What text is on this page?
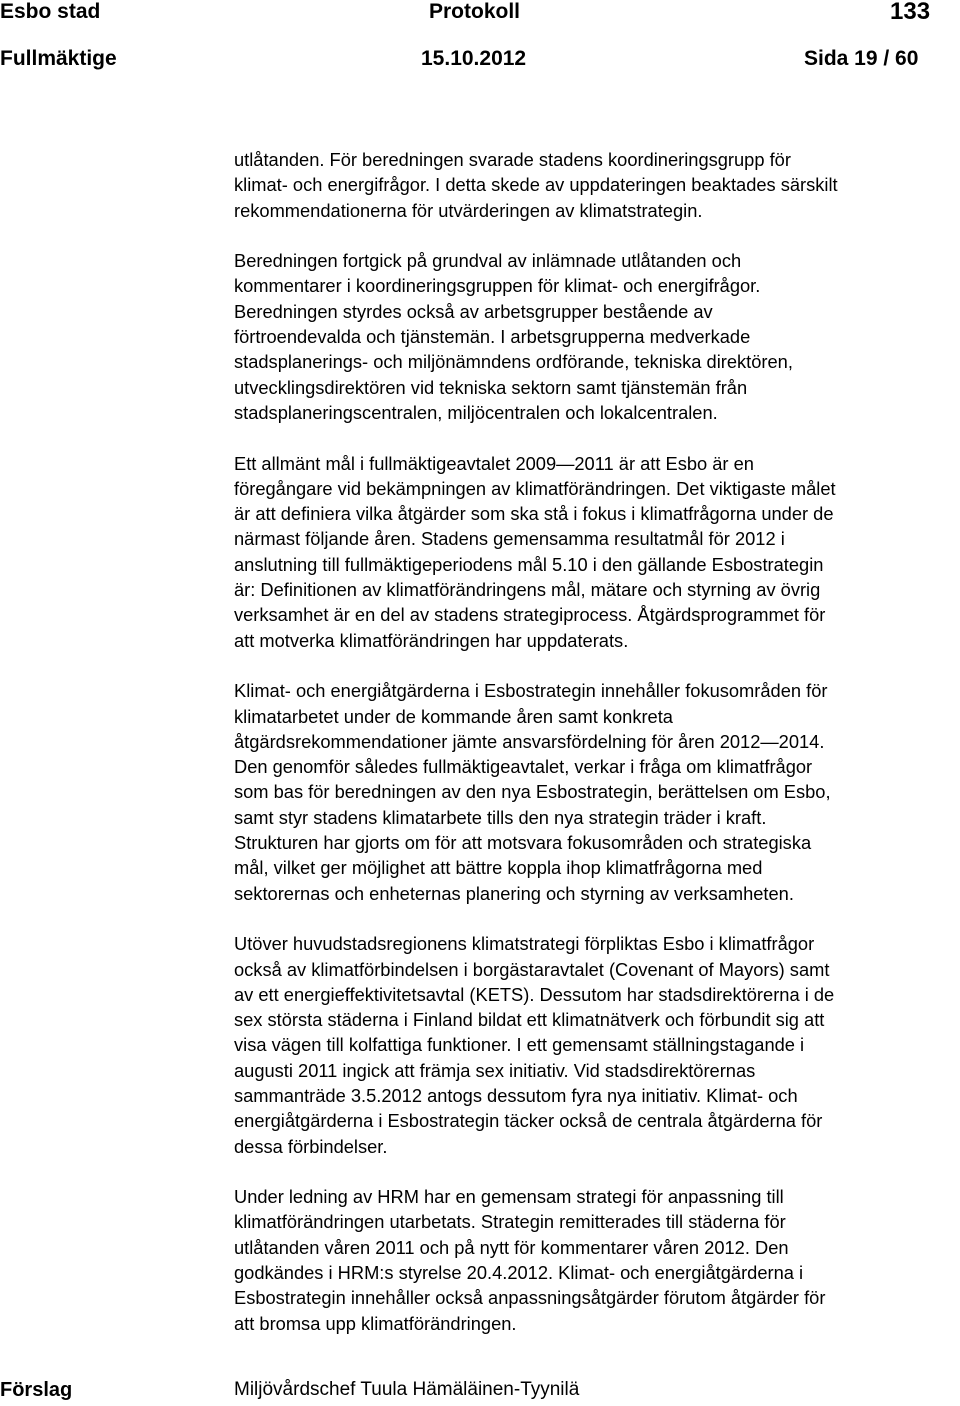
Esbo stad	Protokoll	133
Fullmäktige	15.10.2012	Sida 19 / 60
utlåtanden. För beredningen svarade stadens koordineringsgrupp för
klimat- och energifrågor. I detta skede av uppdateringen beaktades särskilt
rekommendationerna för utvärderingen av klimatstrategin.
Beredningen fortgick på grundval av inlämnade utlåtanden och
kommentarer i koordineringsgruppen för klimat- och energifrågor.
Beredningen styrdes också av arbetsgrupper bestående av
förtroendevalda och tjänstemän. I arbetsgrupperna medverkade
stadsplanerings- och miljönämndens ordförande, tekniska direktören,
utvecklingsdirektören vid tekniska sektorn samt tjänstemän från
stadsplaneringscentralen, miljöcentralen och lokalcentralen.
Ett allmänt mål i fullmäktigeavtalet 2009—2011 är att Esbo är en
föregångare vid bekämpningen av klimatförändringen. Det viktigaste målet
är att definiera vilka åtgärder som ska stå i fokus i klimatfrågorna under de
närmast följande åren. Stadens gemensamma resultatmål för 2012 i
anslutning till fullmäktigeperiodens mål 5.10 i den gällande Esbostrategin
är: Definitionen av klimatförändringens mål, mätare och styrning av övrig
verksamhet är en del av stadens strategiprocess. Åtgärdsprogrammet för
att motverka klimatförändringen har uppdaterats.
Klimat- och energiåtgärderna i Esbostrategin innehåller fokusområden för
klimatarbetet under de kommande åren samt konkreta
åtgärdsrekommendationer jämte ansvarsfördelning för åren 2012—2014.
Den genomför således fullmäktigeavtalet, verkar i fråga om klimatfrågor
som bas för beredningen av den nya Esbostrategin, berättelsen om Esbo,
samt styr stadens klimatarbete tills den nya strategin träder i kraft.
Strukturen har gjorts om för att motsvara fokusområden och strategiska
mål, vilket ger möjlighet att bättre koppla ihop klimatfrågorna med
sektorernas och enheternas planering och styrning av verksamheten.
Utöver huvudstadsregionens klimatstrategi förpliktas Esbo i klimatfrågor
också av klimatförbindelsen i borgästaravtalet (Covenant of Mayors) samt
av ett energieffektivitetsavtal (KETS). Dessutom har stadsdirektörerna i de
sex största städerna i Finland bildat ett klimatnätverk och förbundit sig att
visa vägen till kolfattiga funktioner. I ett gemensamt ställningstagande i
augusti 2011 ingick att främja sex initiativ. Vid stadsdirektörernas
sammanträde 3.5.2012 antogs dessutom fyra nya initiativ. Klimat- och
energiåtgärderna i Esbostrategin täcker också de centrala åtgärderna för
dessa förbindelser.
Under ledning av HRM har en gemensam strategi för anpassning till
klimatförändringen utarbetats. Strategin remitterades till städerna för
utlåtanden våren 2011 och på nytt för kommentarer våren 2012. Den
godkändes i HRM:s styrelse 20.4.2012. Klimat- och energiåtgärderna i
Esbostrategin innehåller också anpassningsåtgärder förutom åtgärder för
att bromsa upp klimatförändringen.
Förslag	Miljövårdschef Tuula Hämäläinen-Tyynilä
